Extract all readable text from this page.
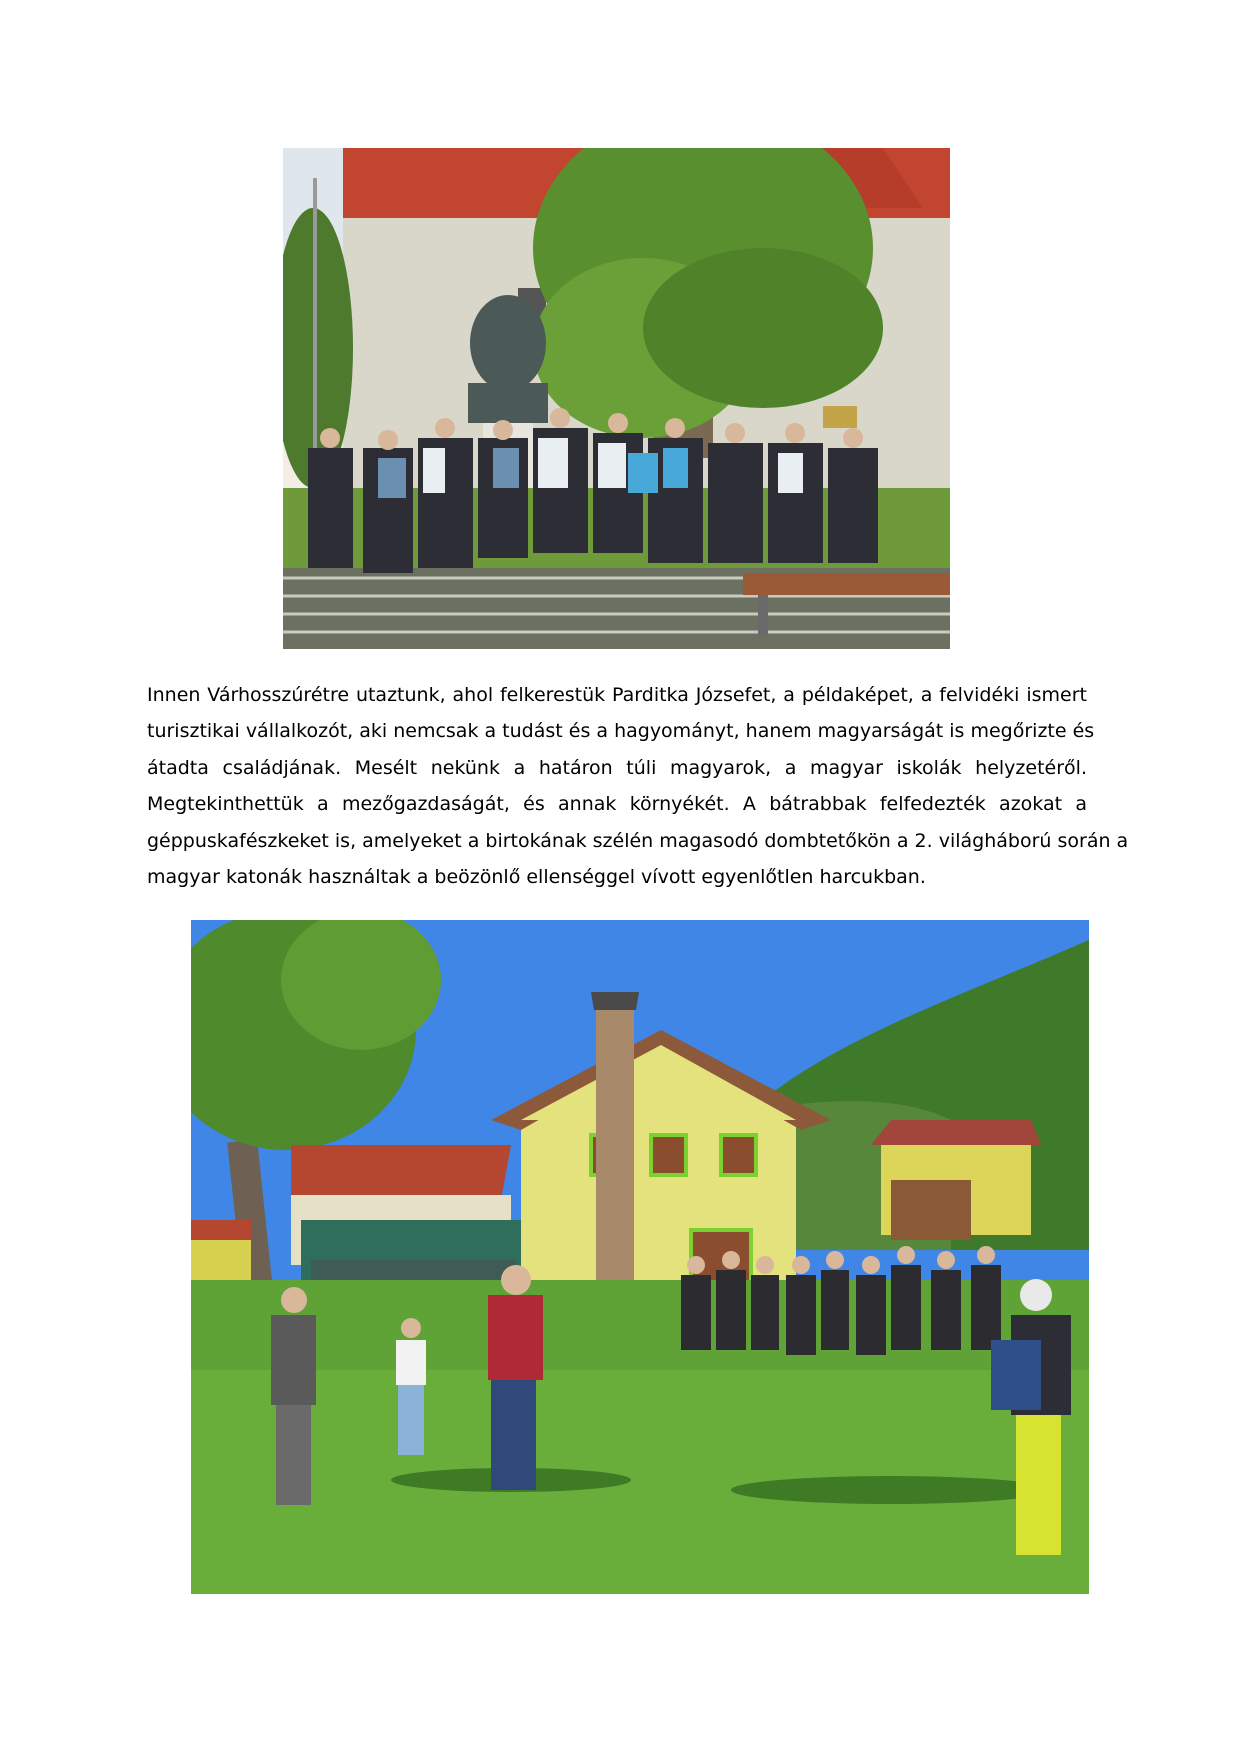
Innen Várhosszúrétre utaztunk, ahol felkerestük Parditka Józsefet, a példaképet, a felvidéki ismert
turisztikai vállalkozót, aki nemcsak a tudást és a hagyományt, hanem magyarságát is megőrizte és
átadta családjának. Mesélt nekünk a határon túli magyarok, a magyar iskolák helyzetéről.
Megtekinthettük a mezőgazdaságát, és annak környékét. A bátrabbak felfedezték azokat a
géppuskafészkeket is, amelyeket a birtokának szélén magasodó dombtetőkön a 2. világháború során a
magyar katonák használtak a beözönlő ellenséggel vívott egyenlőtlen harcukban.
